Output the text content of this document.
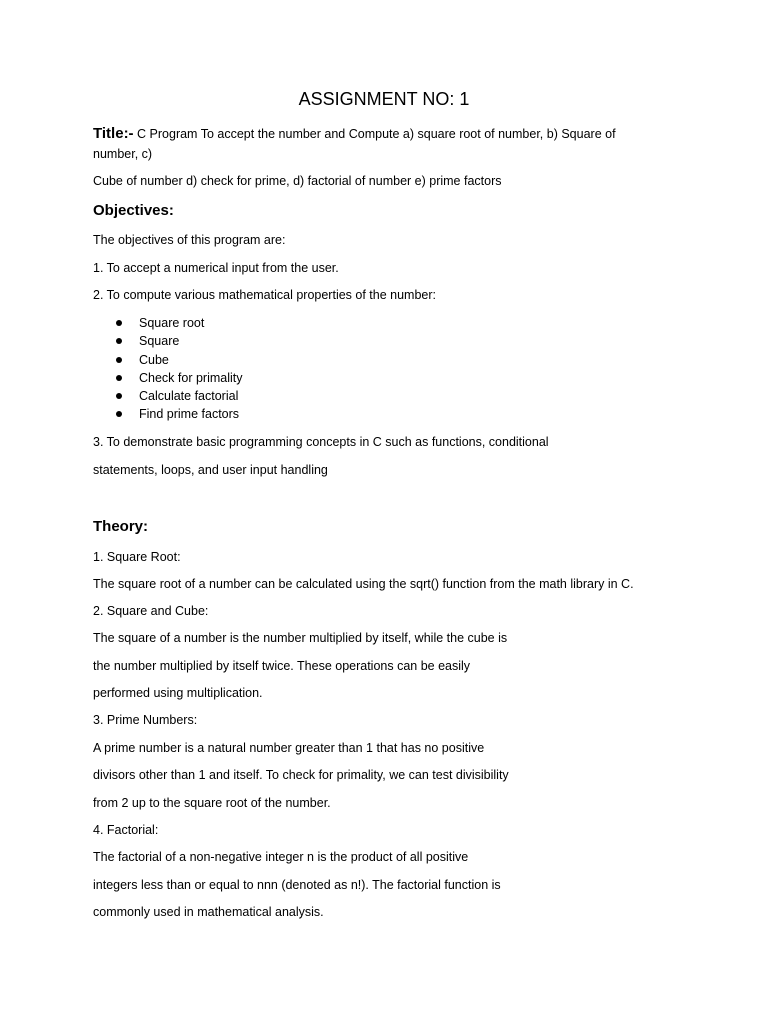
ASSIGNMENT NO: 1
Title:- C Program To accept the number and Compute a) square root of number, b) Square of
number, c)
Cube of number d) check for prime, d) factorial of number e) prime factors
Objectives:
The objectives of this program are:
1. To accept a numerical input from the user.
2. To compute various mathematical properties of the number:
Square root
Square
Cube
Check for primality
Calculate factorial
Find prime factors
3. To demonstrate basic programming concepts in C such as functions, conditional
statements, loops, and user input handling
Theory:
1. Square Root:
The square root of a number can be calculated using the sqrt() function from the math library in C.
2. Square and Cube:
The square of a number is the number multiplied by itself, while the cube is
the number multiplied by itself twice. These operations can be easily
performed using multiplication.
3. Prime Numbers:
A prime number is a natural number greater than 1 that has no positive
divisors other than 1 and itself. To check for primality, we can test divisibility
from 2 up to the square root of the number.
4. Factorial:
The factorial of a non-negative integer n is the product of all positive
integers less than or equal to nnn (denoted as n!). The factorial function is
commonly used in mathematical analysis.
